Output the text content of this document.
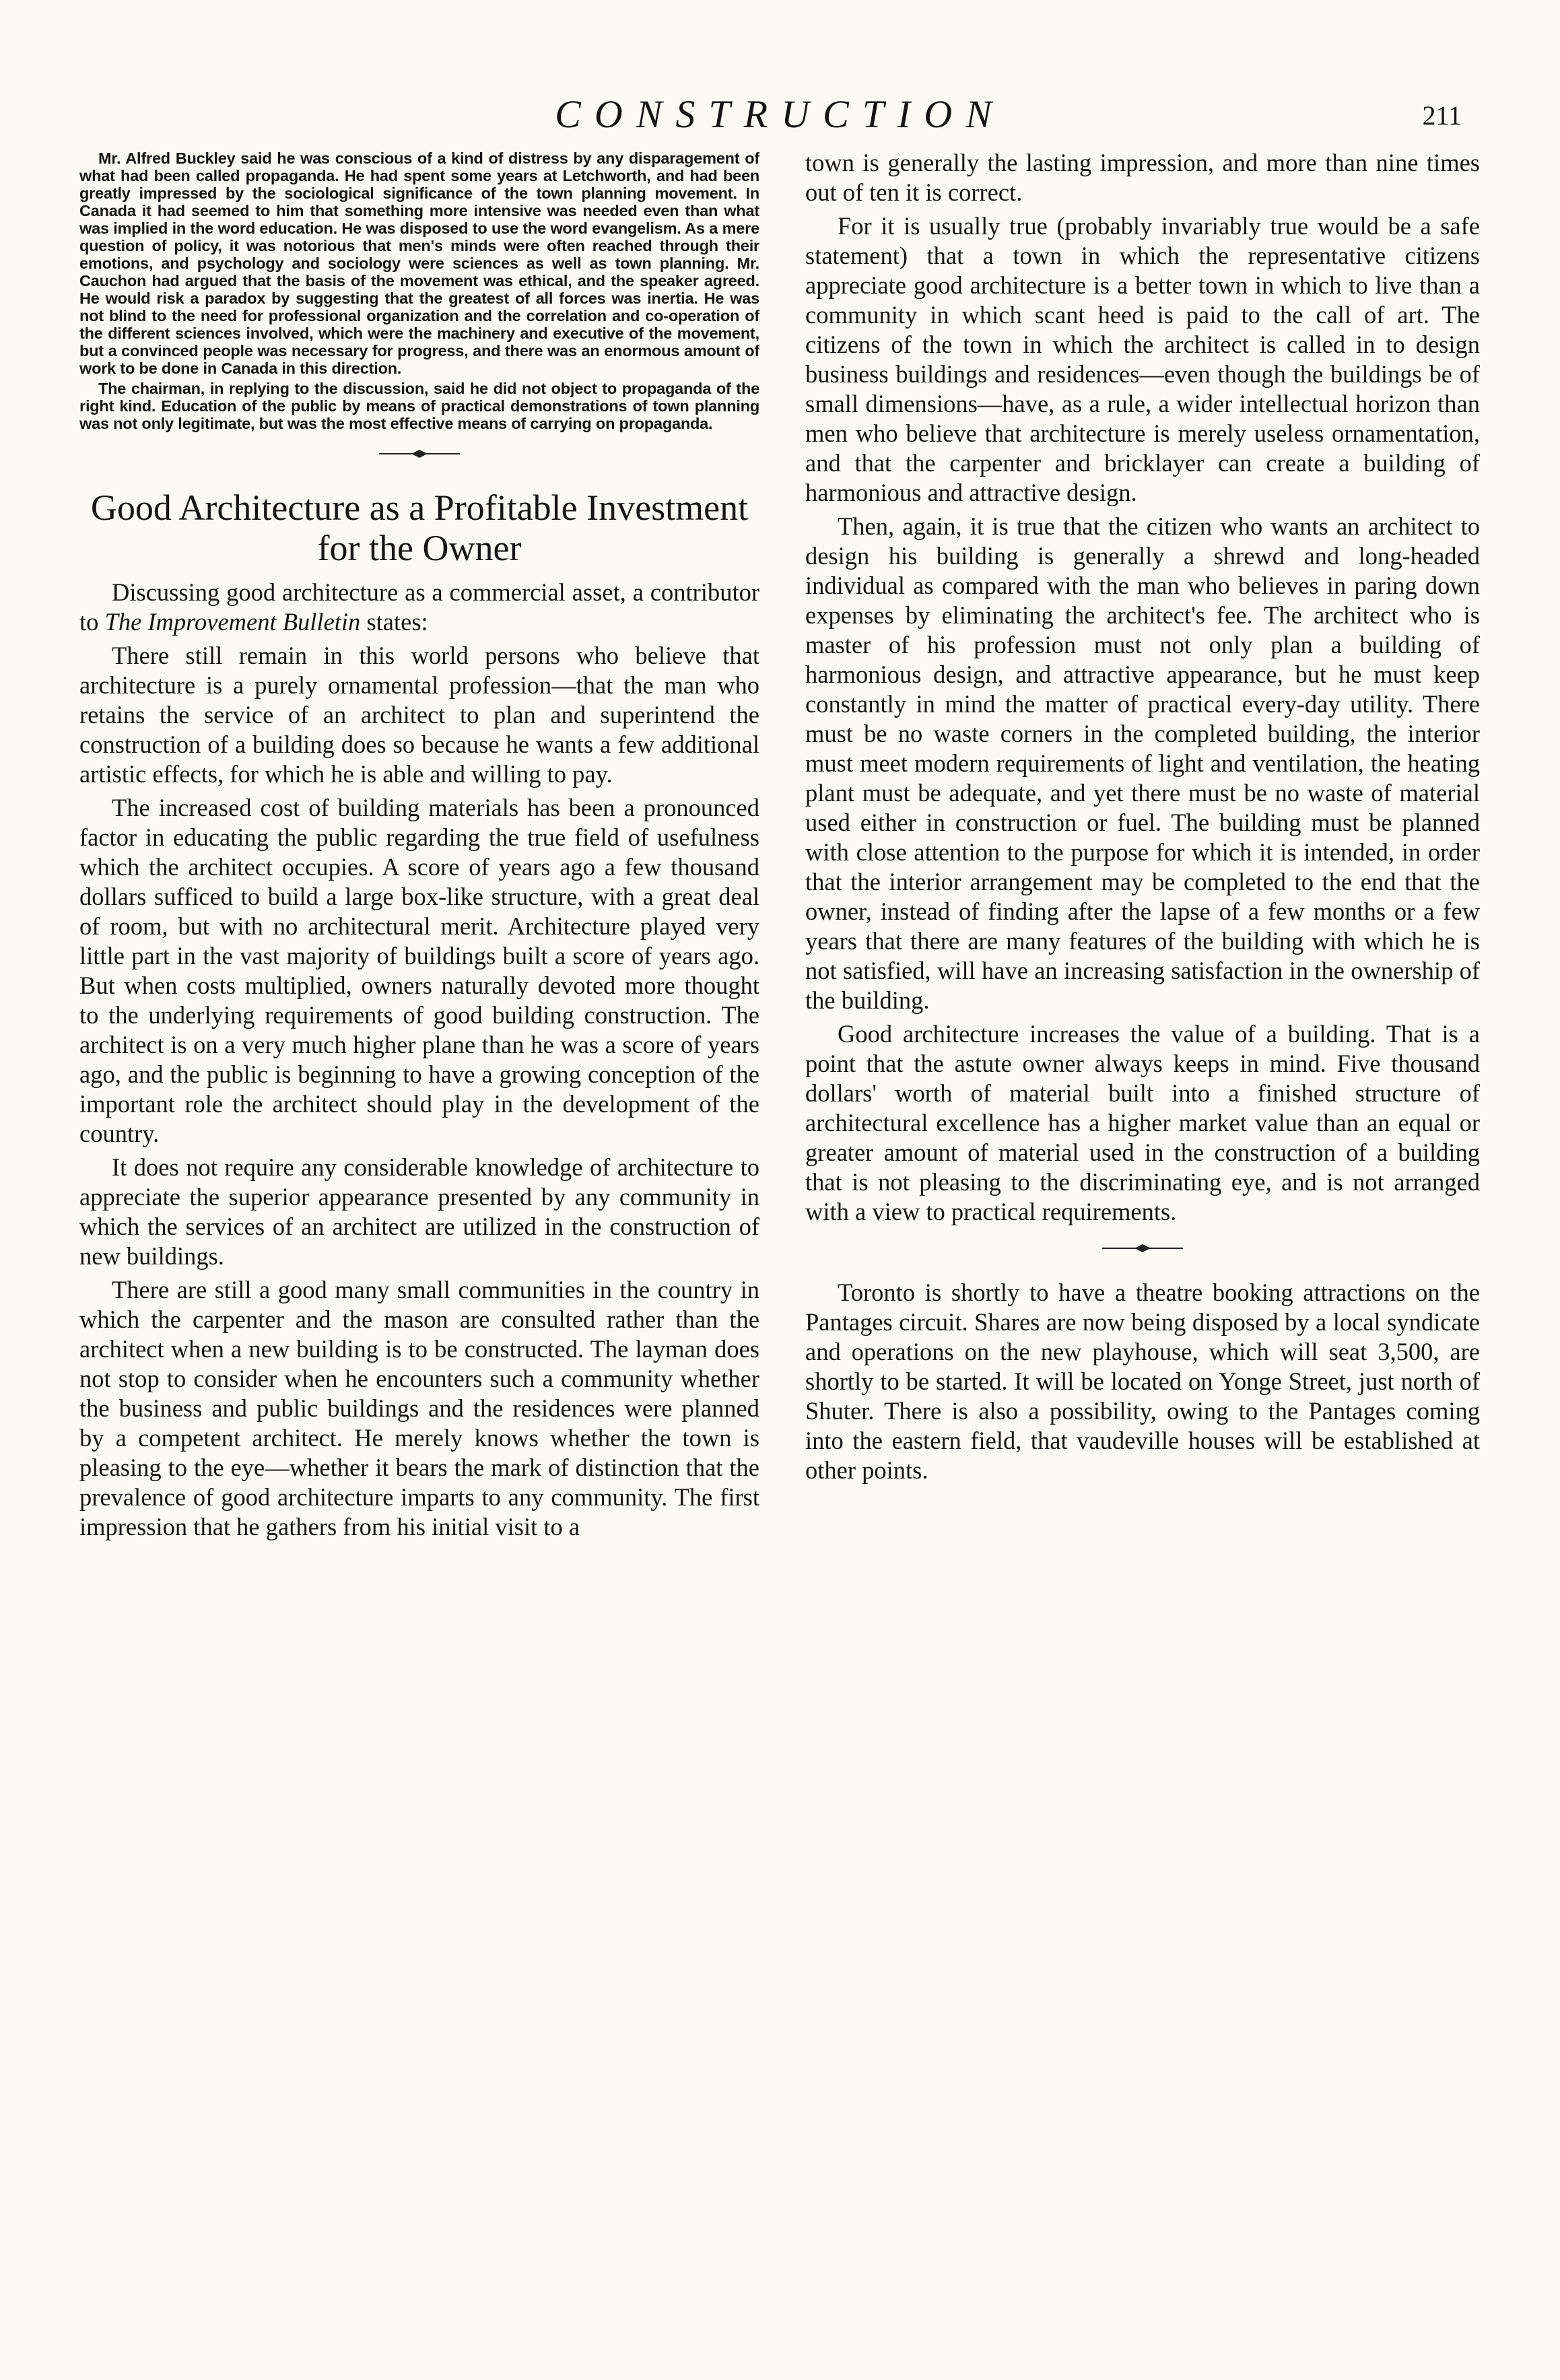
CONSTRUCTION	211

Mr. Alfred Buckley said he was conscious of a kind of distress by any disparagement of what had been called propaganda. He had spent some years at Letchworth, and had been greatly impressed by the sociological significance of the town planning movement. In Canada it had seemed to him that something more intensive was needed even than what was implied in the word education. He was disposed to use the word evangelism. As a mere question of policy, it was notorious that men's minds were often reached through their emotions, and psychology and sociology were sciences as well as town planning. Mr. Cauchon had argued that the basis of the movement was ethical, and the speaker agreed. He would risk a paradox by suggesting that the greatest of all forces was inertia. He was not blind to the need for professional organization and the correlation and co-operation of the different sciences involved, which were the machinery and executive of the movement, but a convinced people was necessary for progress, and there was an enormous amount of work to be done in Canada in this direction.

The chairman, in replying to the discussion, said he did not object to propaganda of the right kind. Education of the public by means of practical demonstrations of town planning was not only legitimate, but was the most effective means of carrying on propaganda.

Good Architecture as a Profitable Investment for the Owner

Discussing good architecture as a commercial asset, a contributor to The Improvement Bulletin states:

There still remain in this world persons who believe that architecture is a purely ornamental profession—that the man who retains the service of an architect to plan and superintend the construction of a building does so because he wants a few additional artistic effects, for which he is able and willing to pay.

The increased cost of building materials has been a pronounced factor in educating the public regarding the true field of usefulness which the architect occupies. A score of years ago a few thousand dollars sufficed to build a large box-like structure, with a great deal of room, but with no architectural merit. Architecture played very little part in the vast majority of buildings built a score of years ago. But when costs multiplied, owners naturally devoted more thought to the underlying requirements of good building construction. The architect is on a very much higher plane than he was a score of years ago, and the public is beginning to have a growing conception of the important role the architect should play in the development of the country.

It does not require any considerable knowledge of architecture to appreciate the superior appearance presented by any community in which the services of an architect are utilized in the construction of new buildings.

There are still a good many small communities in the country in which the carpenter and the mason are consulted rather than the architect when a new building is to be constructed. The layman does not stop to consider when he encounters such a community whether the business and public buildings and the residences were planned by a competent architect. He merely knows whether the town is pleasing to the eye—whether it bears the mark of distinction that the prevalence of good architecture imparts to any community. The first impression that he gathers from his initial visit to a

town is generally the lasting impression, and more than nine times out of ten it is correct.

For it is usually true (probably invariably true would be a safe statement) that a town in which the representative citizens appreciate good architecture is a better town in which to live than a community in which scant heed is paid to the call of art. The citizens of the town in which the architect is called in to design business buildings and residences—even though the buildings be of small dimensions—have, as a rule, a wider intellectual horizon than men who believe that architecture is merely useless ornamentation, and that the carpenter and bricklayer can create a building of harmonious and attractive design.

Then, again, it is true that the citizen who wants an architect to design his building is generally a shrewd and long-headed individual as compared with the man who believes in paring down expenses by eliminating the architect's fee. The architect who is master of his profession must not only plan a building of harmonious design, and attractive appearance, but he must keep constantly in mind the matter of practical every-day utility. There must be no waste corners in the completed building, the interior must meet modern requirements of light and ventilation, the heating plant must be adequate, and yet there must be no waste of material used either in construction or fuel. The building must be planned with close attention to the purpose for which it is intended, in order that the interior arrangement may be completed to the end that the owner, instead of finding after the lapse of a few months or a few years that there are many features of the building with which he is not satisfied, will have an increasing satisfaction in the ownership of the building.

Good architecture increases the value of a building. That is a point that the astute owner always keeps in mind. Five thousand dollars' worth of material built into a finished structure of architectural excellence has a higher market value than an equal or greater amount of material used in the construction of a building that is not pleasing to the discriminating eye, and is not arranged with a view to practical requirements.

Toronto is shortly to have a theatre booking attractions on the Pantages circuit. Shares are now being disposed by a local syndicate and operations on the new playhouse, which will seat 3,500, are shortly to be started. It will be located on Yonge Street, just north of Shuter. There is also a possibility, owing to the Pantages coming into the eastern field, that vaudeville houses will be established at other points.
